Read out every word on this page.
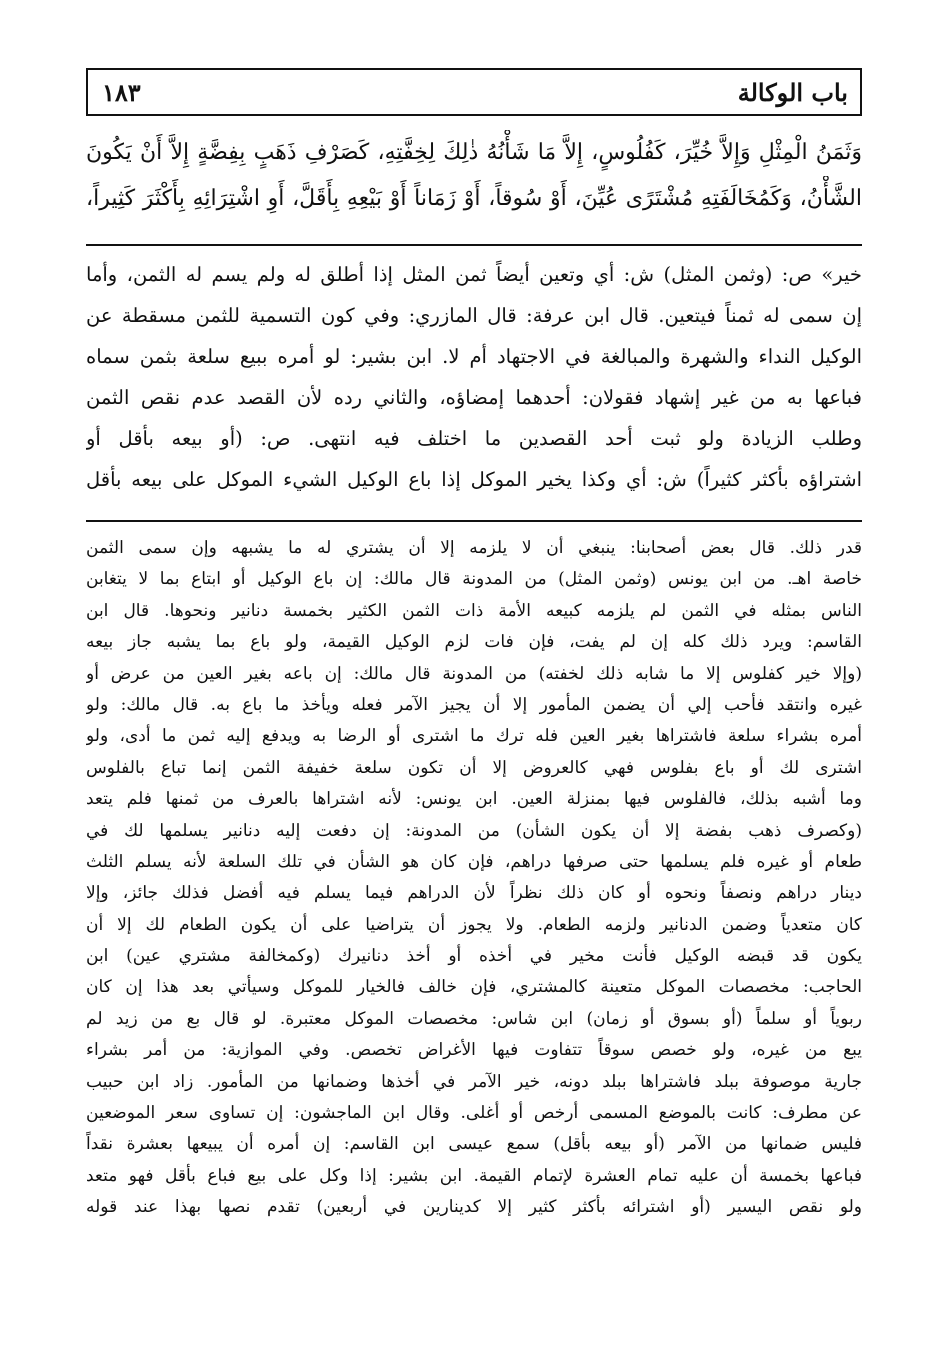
باب الوكالة
١٨٣
وَثَمَنُ الْمِثْلِ وَإِلاَّ خُيِّرَ، كَفُلُوسٍ، إِلاَّ مَا شَأْنُهُ ذٰلِكَ لِخِفَّتِهِ، كَصَرْفِ ذَهَبٍ بِفِضَّةٍ إِلاَّ أَنْ يَكُونَ
الشَّأْنُ، وَكَمُخَالَفَتِهِ مُشْتَرًى عُيِّنَ، أَوْ سُوقاً، أَوْ زَمَاناً أَوْ بَيْعِهِ بِأَقَلَّ، أَوِ اشْتِرَائِهِ بِأَكْثَرَ كَثِيراً،
خير» ص: (وثمن المثل) ش: أي وتعين أيضاً ثمن المثل إذا أطلق له ولم يسم له الثمن، وأما
إن سمى له ثمناً فيتعين. قال ابن عرفة: قال المازري: وفي كون التسمية للثمن مسقطة عن
الوكيل النداء والشهرة والمبالغة في الاجتهاد أم لا. ابن بشير: لو أمره ببيع سلعة بثمن سماه
فباعها به من غير إشهاد فقولان: أحدهما إمضاؤه، والثاني رده لأن القصد عدم نقص الثمن
وطلب الزيادة ولو ثبت أحد القصدين ما اختلف فيه انتهى. ص: (أو بيعه بأقل أو
اشتراؤه بأكثر كثيراً) ش: أي وكذا يخير الموكل إذا باع الوكيل الشيء الموكل على بيعه بأقل
قدر ذلك. قال بعض أصحابنا: ينبغي أن لا يلزمه إلا أن يشتري له ما يشبهه وإن سمى الثمن
خاصة اهـ. من ابن يونس (وثمن المثل) من المدونة قال مالك: إن باع الوكيل أو ابتاع بما لا يتغابن
الناس بمثله في الثمن لم يلزمه كبيعه الأمة ذات الثمن الكثير بخمسة دنانير ونحوها. قال ابن
القاسم: ويرد ذلك كله إن لم يفت، فإن فات لزم الوكيل القيمة، ولو باع بما يشبه جاز بيعه
(وإلا خير كفلوس إلا ما شابه ذلك لخفته) من المدونة قال مالك: إن باعه بغير العين من عرض أو
غيره وانتقد فأحب إلي أن يضمن المأمور إلا أن يجيز الآمر فعله ويأخذ ما باع به. قال مالك: ولو
أمره بشراء سلعة فاشتراها بغير العين فله ترك ما اشترى أو الرضا به ويدفع إليه ثمن ما أدى، ولو
اشترى لك أو باع بفلوس فهي كالعروض إلا أن تكون سلعة خفيفة الثمن إنما تباع بالفلوس
وما أشبه بذلك، فالفلوس فيها بمنزلة العين. ابن يونس: لأنه اشتراها بالعرف من ثمنها فلم يتعد
(وكصرف ذهب بفضة إلا أن يكون الشأن) من المدونة: إن دفعت إليه دنانير يسلمها لك في
طعام أو غيره فلم يسلمها حتى صرفها دراهم، فإن كان هو الشأن في تلك السلعة لأنه يسلم الثلث
دينار دراهم ونصفاً ونحوه أو كان ذلك نظراً لأن الدراهم فيما يسلم فيه أفضل فذلك جائز، وإلا
كان متعدياً وضمن الدنانير ولزمه الطعام. ولا يجوز أن يتراضيا على أن يكون الطعام لك إلا أن
يكون قد قبضه الوكيل فأنت مخير في أخذه أو أخذ دنانيرك (وكمخالفة مشتري عين) ابن
الحاجب: مخصصات الموكل متعينة كالمشتري، فإن خالف فالخيار للموكل وسيأتي بعد هذا إن كان
ربوياً أو سلماً (أو بسوق أو زمان) ابن شاس: مخصصات الموكل معتبرة. لو قال بع من زيد لم
يبع من غيره، ولو خصص سوقاً تتفاوت فيها الأغراض تخصص. وفي الموازية: من أمر بشراء
جارية موصوفة ببلد فاشتراها ببلد دونه، خير الآمر في أخذها وضمانها من المأمور. زاد ابن حبيب
عن مطرف: كانت بالموضع المسمى أرخص أو أغلى. وقال ابن الماجشون: إن تساوى سعر الموضعين
فليس ضمانها من الآمر (أو بيعه بأقل) سمع عيسى ابن القاسم: إن أمره أن يبيعها بعشرة نقداً
فباعها بخمسة أن عليه تمام العشرة لإتمام القيمة. ابن بشير: إذا وكل على بيع فباع بأقل فهو متعد
ولو نقص اليسير (أو اشترائه بأكثر كثير إلا كدينارين في أربعين) تقدم نصها بهذا عند قوله
